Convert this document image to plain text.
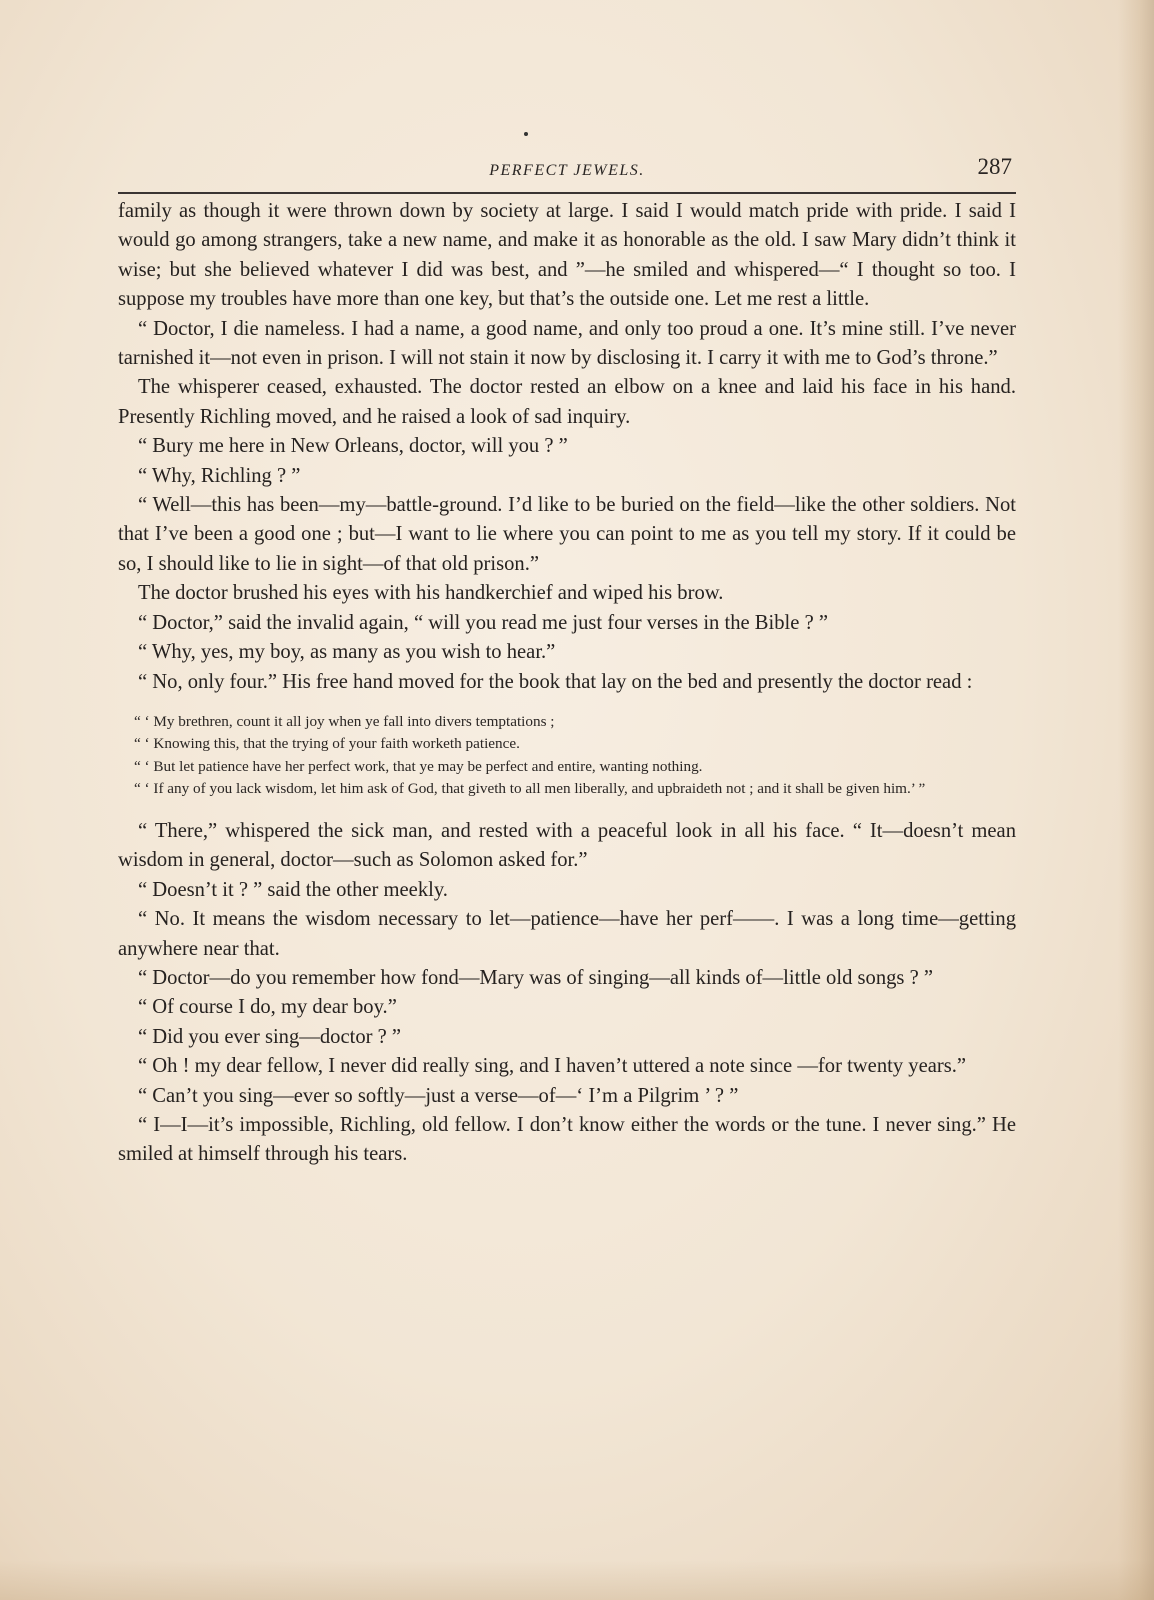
PERFECT JEWELS.	287

family as though it were thrown down by society at large. I said I would match pride with pride. I said I would go among strangers, take a new name, and make it as honorable as the old. I saw Mary didn’t think it wise; but she believed whatever I did was best, and ”—he smiled and whispered—“ I thought so too. I suppose my troubles have more than one key, but that’s the outside one. Let me rest a little.

“ Doctor, I die nameless. I had a name, a good name, and only too proud a one. It’s mine still. I’ve never tarnished it—not even in prison. I will not stain it now by disclosing it. I carry it with me to God’s throne.”

The whisperer ceased, exhausted. The doctor rested an elbow on a knee and laid his face in his hand. Presently Richling moved, and he raised a look of sad inquiry.

“ Bury me here in New Orleans, doctor, will you ? ”

“ Why, Richling ? ”

“ Well—this has been—my—battle-ground. I’d like to be buried on the field—like the other soldiers. Not that I’ve been a good one ; but—I want to lie where you can point to me as you tell my story. If it could be so, I should like to lie in sight—of that old prison.”

The doctor brushed his eyes with his handkerchief and wiped his brow.

“ Doctor,” said the invalid again, “ will you read me just four verses in the Bible ? ”

“ Why, yes, my boy, as many as you wish to hear.”

“ No, only four.” His free hand moved for the book that lay on the bed and presently the doctor read :

“ ‘ My brethren, count it all joy when ye fall into divers temptations ;

“ ‘ Knowing this, that the trying of your faith worketh patience.

“ ‘ But let patience have her perfect work, that ye may be perfect and entire, wanting nothing.

“ ‘ If any of you lack wisdom, let him ask of God, that giveth to all men liberally, and upbraideth not ; and it shall be given him.’ ”

“ There,” whispered the sick man, and rested with a peaceful look in all his face. “ It—doesn’t mean wisdom in general, doctor—such as Solomon asked for.”

“ Doesn’t it ? ” said the other meekly.

“ No. It means the wisdom necessary to let—patience—have her perf——. I was a long time—getting anywhere near that.

“ Doctor—do you remember how fond—Mary was of singing—all kinds of—little old songs ? ”

“ Of course I do, my dear boy.”

“ Did you ever sing—doctor ? ”

“ Oh ! my dear fellow, I never did really sing, and I haven’t uttered a note since —for twenty years.”

“ Can’t you sing—ever so softly—just a verse—of—‘ I’m a Pilgrim ’ ? ”

“ I—I—it’s impossible, Richling, old fellow. I don’t know either the words or the tune. I never sing.” He smiled at himself through his tears.
